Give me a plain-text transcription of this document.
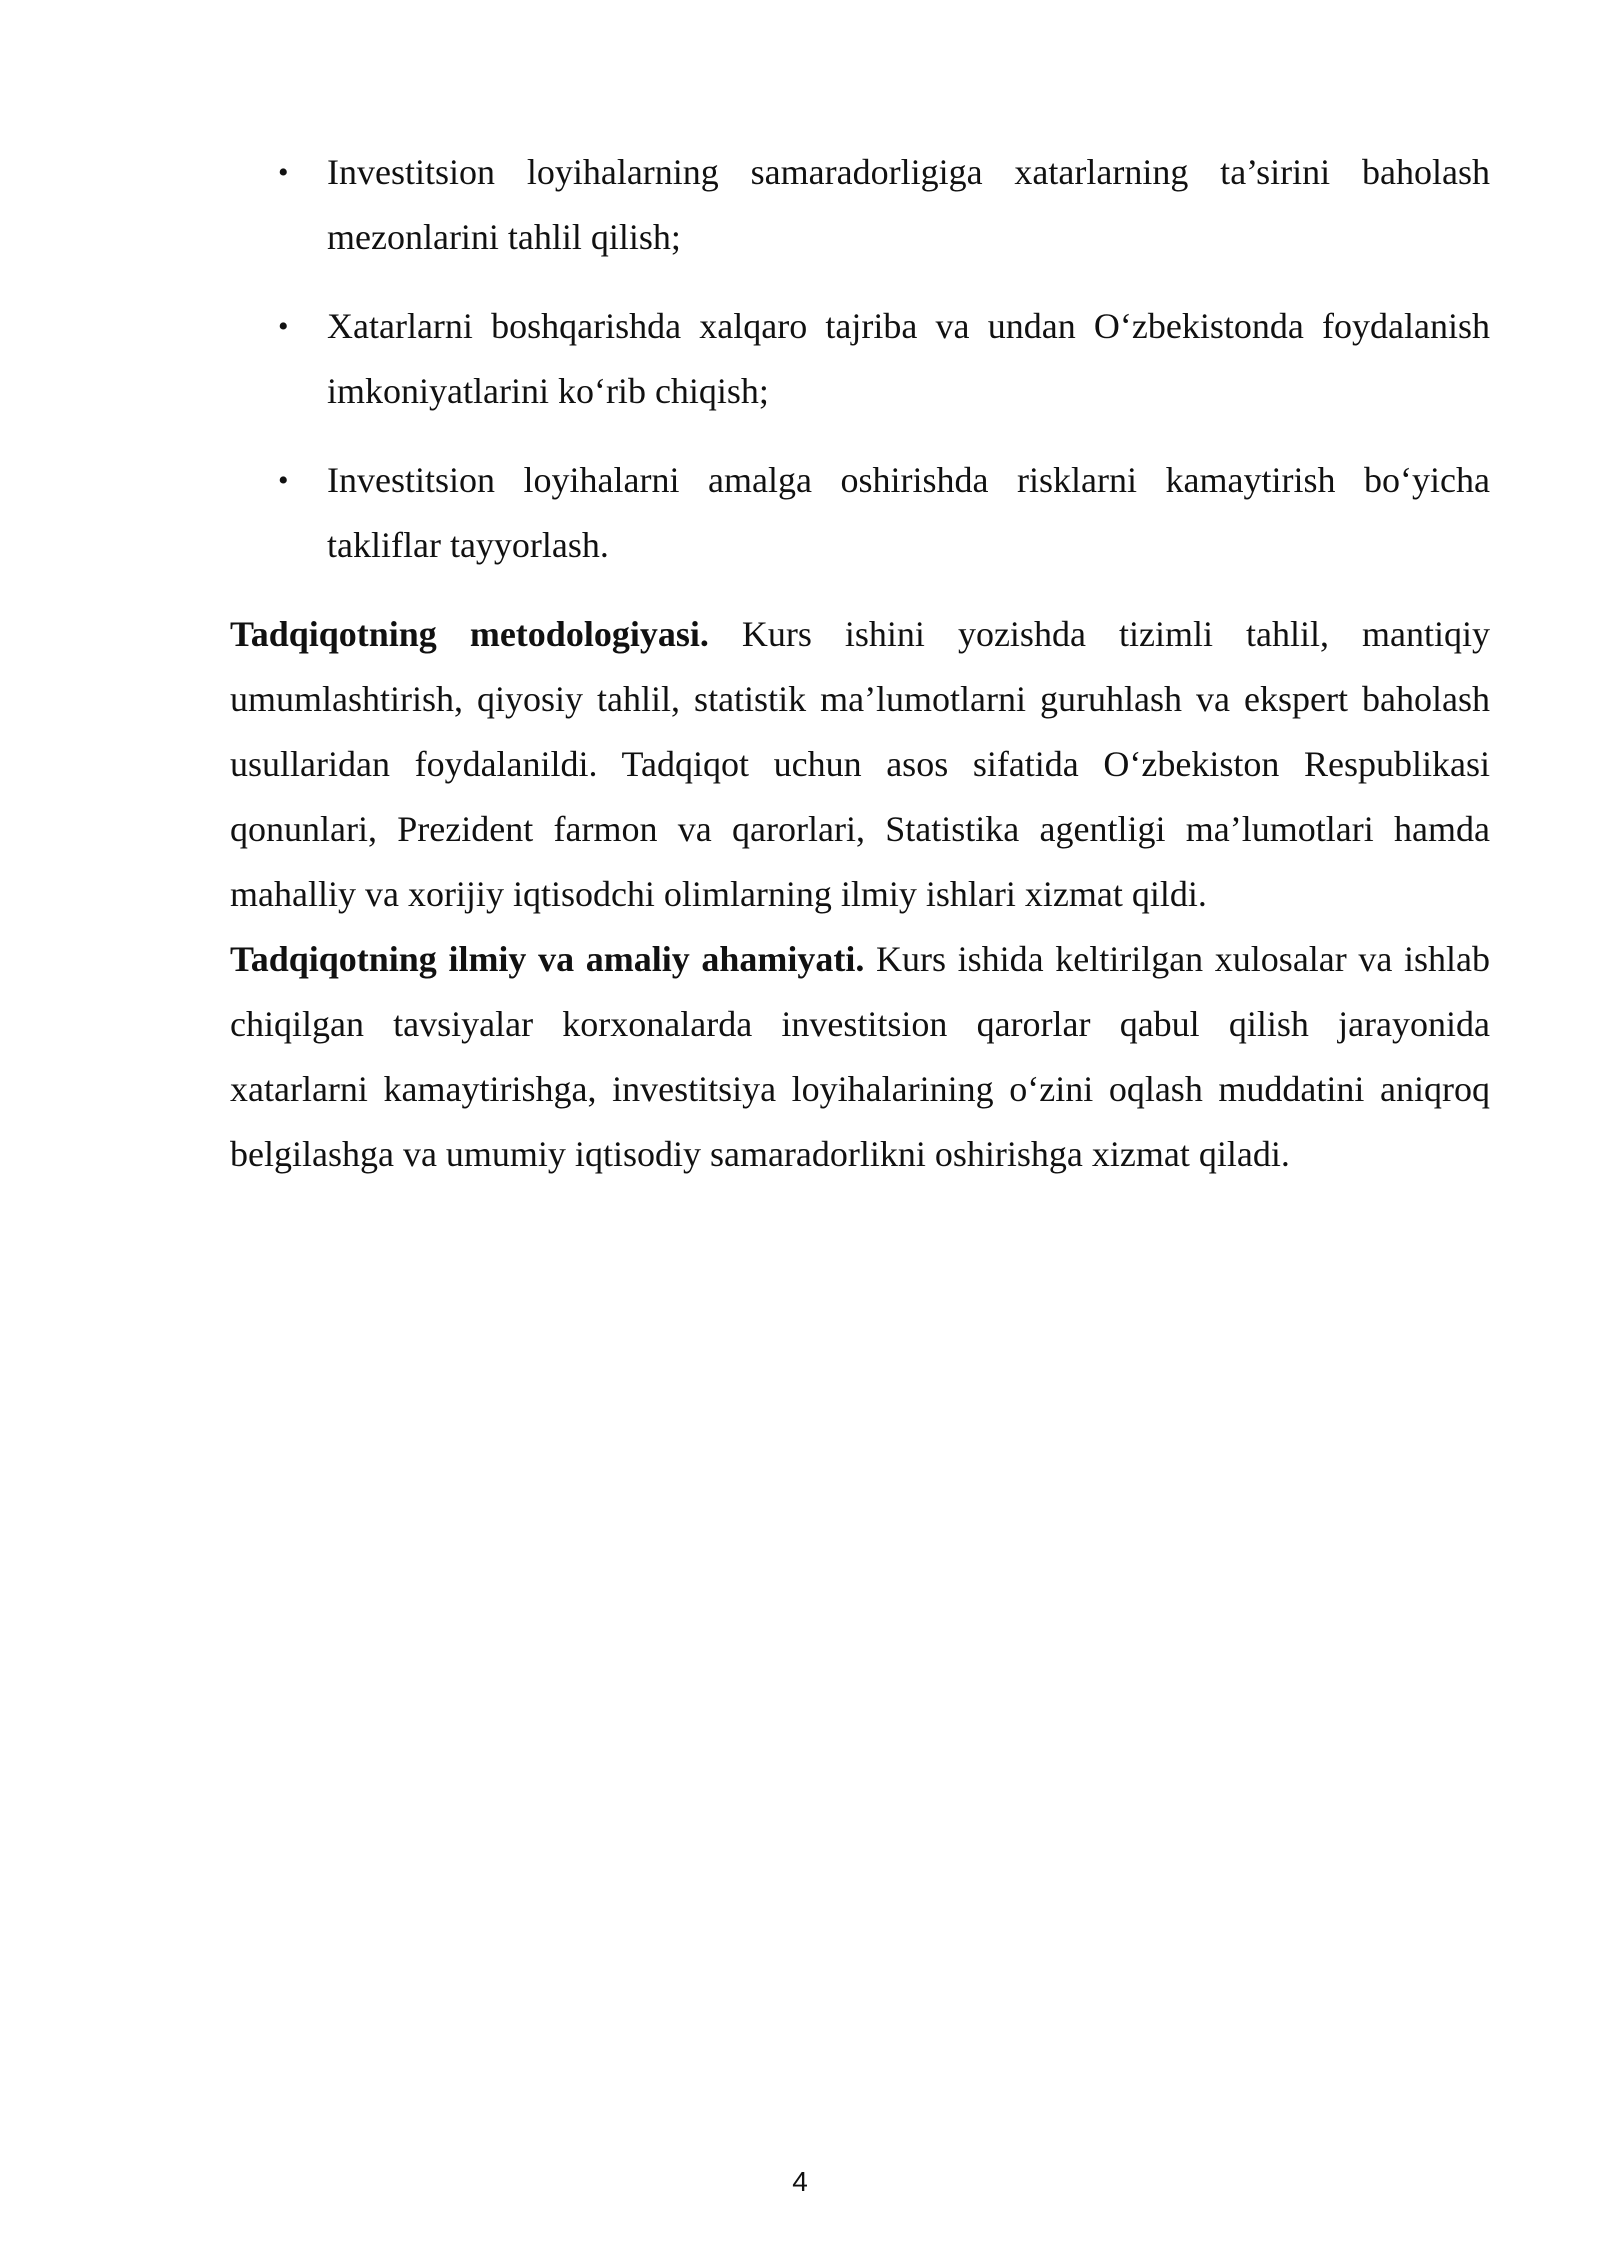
• Investitsion loyihalarning samaradorligiga xatarlarning ta’sirini baholash mezonlarini tahlil qilish;
• Xatarlarni boshqarishda xalqaro tajriba va undan O‘zbekistonda foydalanish imkoniyatlarini ko‘rib chiqish;
• Investitsion loyihalarni amalga oshirishda risklarni kamaytirish bo‘yicha takliflar tayyorlash.

Tadqiqotning metodologiyasi. Kurs ishini yozishda tizimli tahlil, mantiqiy umumlashtirish, qiyosiy tahlil, statistik ma’lumotlarni guruhlash va ekspert baholash usullaridan foydalanildi. Tadqiqot uchun asos sifatida O‘zbekiston Respublikasi qonunlari, Prezident farmon va qarorlari, Statistika agentligi ma’lumotlari hamda mahalliy va xorijiy iqtisodchi olimlarning ilmiy ishlari xizmat qildi.

Tadqiqotning ilmiy va amaliy ahamiyati. Kurs ishida keltirilgan xulosalar va ishlab chiqilgan tavsiyalar korxonalarda investitsion qarorlar qabul qilish jarayonida xatarlarni kamaytirishga, investitsiya loyihalarining o‘zini oqlash muddatini aniqroq belgilashga va umumiy iqtisodiy samaradorlikni oshirishga xizmat qiladi.

4
